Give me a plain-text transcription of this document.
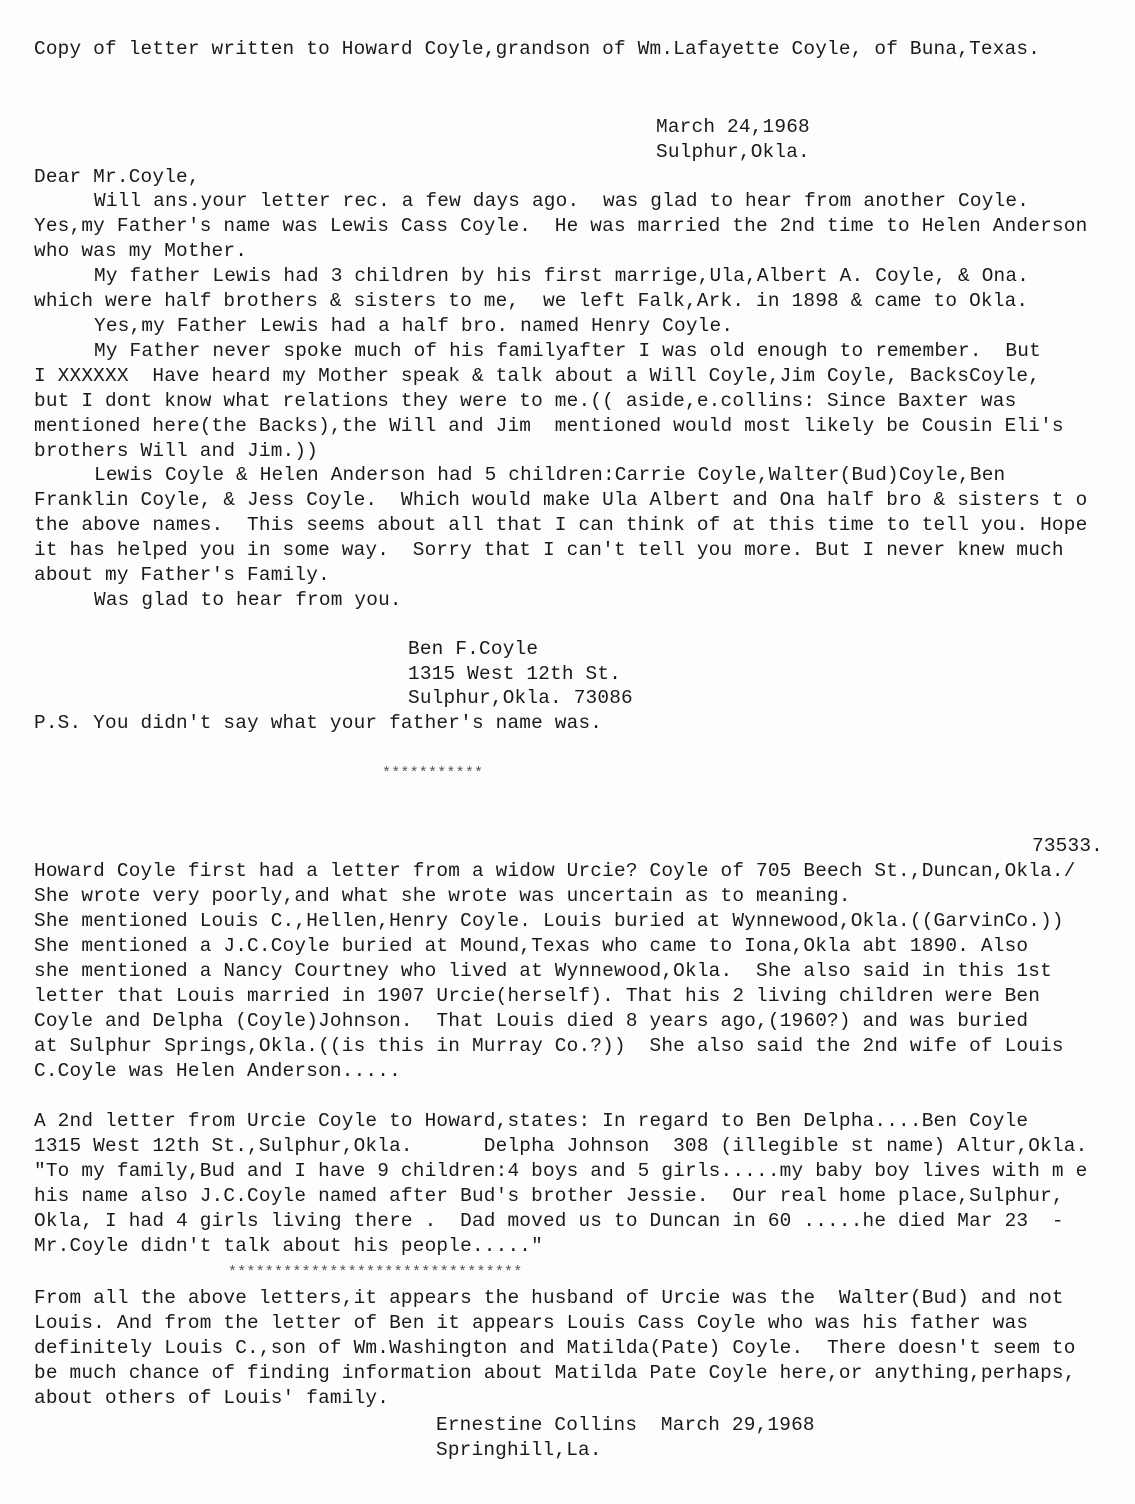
Copy of letter written to Howard Coyle,grandson of Wm.Lafayette Coyle, of Buna,Texas.
March 24,1968
Sulphur,Okla.
Dear Mr.Coyle,
Will ans.your letter rec. a few days ago.  was glad to hear from another Coyle.
Yes,my Father's name was Lewis Cass Coyle.  He was married the 2nd time to Helen Anderson
who was my Mother.
My father Lewis had 3 children by his first marrige,Ula,Albert A. Coyle, & Ona.
which were half brothers & sisters to me,  we left Falk,Ark. in 1898 & came to Okla.
Yes,my Father Lewis had a half bro. named Henry Coyle.
My Father never spoke much of his familyafter I was old enough to remember.  But
I XXXXXX  Have heard my Mother speak & talk about a Will Coyle,Jim Coyle, BacksCoyle,
but I dont know what relations they were to me.(( aside,e.collins: Since Baxter was
mentioned here(the Backs),the Will and Jim  mentioned would most likely be Cousin Eli's
brothers Will and Jim.))
Lewis Coyle & Helen Anderson had 5 children:Carrie Coyle,Walter(Bud)Coyle,Ben
Franklin Coyle, & Jess Coyle.  Which would make Ula Albert and Ona half bro & sisters t o
the above names.  This seems about all that I can think of at this time to tell you. Hope
it has helped you in some way.  Sorry that I can't tell you more. But I never knew much
about my Father's Family.
Was glad to hear from you.
Ben F.Coyle
1315 West 12th St.
Sulphur,Okla. 73086
P.S. You didn't say what your father's name was.
***********
73533.
Howard Coyle first had a letter from a widow Urcie? Coyle of 705 Beech St.,Duncan,Okla./
She wrote very poorly,and what she wrote was uncertain as to meaning.
She mentioned Louis C.,Hellen,Henry Coyle. Louis buried at Wynnewood,Okla.((GarvinCo.))
She mentioned a J.C.Coyle buried at Mound,Texas who came to Iona,Okla abt 1890. Also
she mentioned a Nancy Courtney who lived at Wynnewood,Okla.  She also said in this 1st
letter that Louis married in 1907 Urcie(herself). That his 2 living children were Ben
Coyle and Delpha (Coyle)Johnson.  That Louis died 8 years ago,(1960?) and was buried
at Sulphur Springs,Okla.((is this in Murray Co.?))  She also said the 2nd wife of Louis
C.Coyle was Helen Anderson.....
A 2nd letter from Urcie Coyle to Howard,states: In regard to Ben Delpha....Ben Coyle
1315 West 12th St.,Sulphur,Okla.      Delpha Johnson  308 (illegible st name) Altur,Okla.
"To my family,Bud and I have 9 children:4 boys and 5 girls.....my baby boy lives with m e
his name also J.C.Coyle named after Bud's brother Jessie.  Our real home place,Sulphur,
Okla, I had 4 girls living there .  Dad moved us to Duncan in 60 .....he died Mar 23  -
Mr.Coyle didn't talk about his people....."
********************************
From all the above letters,it appears the husband of Urcie was the  Walter(Bud) and not
Louis. And from the letter of Ben it appears Louis Cass Coyle who was his father was
definitely Louis C.,son of Wm.Washington and Matilda(Pate) Coyle.  There doesn't seem to
be much chance of finding information about Matilda Pate Coyle here,or anything,perhaps,
about others of Louis' family.
Ernestine Collins  March 29,1968
Springhill,La.
